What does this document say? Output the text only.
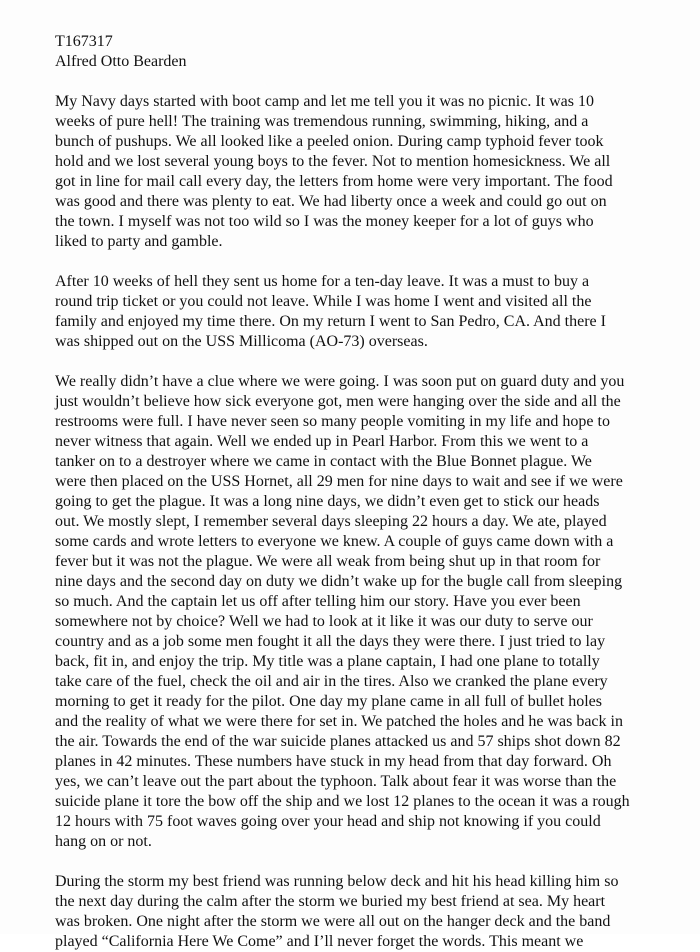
T167317
Alfred Otto Bearden
My Navy days started with boot camp and let me tell you it was no picnic. It was 10
weeks of pure hell! The training was tremendous running, swimming, hiking, and a
bunch of pushups. We all looked like a peeled onion. During camp typhoid fever took
hold and we lost several young boys to the fever. Not to mention homesickness. We all
got in line for mail call every day, the letters from home were very important. The food
was good and there was plenty to eat. We had liberty once a week and could go out on
the town. I myself was not too wild so I was the money keeper for a lot of guys who
liked to party and gamble.
After 10 weeks of hell they sent us home for a ten-day leave. It was a must to buy a
round trip ticket or you could not leave. While I was home I went and visited all the
family and enjoyed my time there. On my return I went to San Pedro, CA. And there I
was shipped out on the USS Millicoma (AO-73) overseas.
We really didn’t have a clue where we were going. I was soon put on guard duty and you
just wouldn’t believe how sick everyone got, men were hanging over the side and all the
restrooms were full. I have never seen so many people vomiting in my life and hope to
never witness that again. Well we ended up in Pearl Harbor. From this we went to a
tanker on to a destroyer where we came in contact with the Blue Bonnet plague. We
were then placed on the USS Hornet, all 29 men for nine days to wait and see if we were
going to get the plague. It was a long nine days, we didn’t even get to stick our heads
out. We mostly slept, I remember several days sleeping 22 hours a day. We ate, played
some cards and wrote letters to everyone we knew. A couple of guys came down with a
fever but it was not the plague. We were all weak from being shut up in that room for
nine days and the second day on duty we didn’t wake up for the bugle call from sleeping
so much. And the captain let us off after telling him our story. Have you ever been
somewhere not by choice? Well we had to look at it like it was our duty to serve our
country and as a job some men fought it all the days they were there. I just tried to lay
back, fit in, and enjoy the trip. My title was a plane captain, I had one plane to totally
take care of the fuel, check the oil and air in the tires. Also we cranked the plane every
morning to get it ready for the pilot. One day my plane came in all full of bullet holes
and the reality of what we were there for set in. We patched the holes and he was back in
the air. Towards the end of the war suicide planes attacked us and 57 ships shot down 82
planes in 42 minutes. These numbers have stuck in my head from that day forward. Oh
yes, we can’t leave out the part about the typhoon. Talk about fear it was worse than the
suicide plane it tore the bow off the ship and we lost 12 planes to the ocean it was a rough
12 hours with 75 foot waves going over your head and ship not knowing if you could
hang on or not.
During the storm my best friend was running below deck and hit his head killing him so
the next day during the calm after the storm we buried my best friend at sea. My heart
was broken. One night after the storm we were all out on the hanger deck and the band
played “California Here We Come” and I’ll never forget the words. This meant we
